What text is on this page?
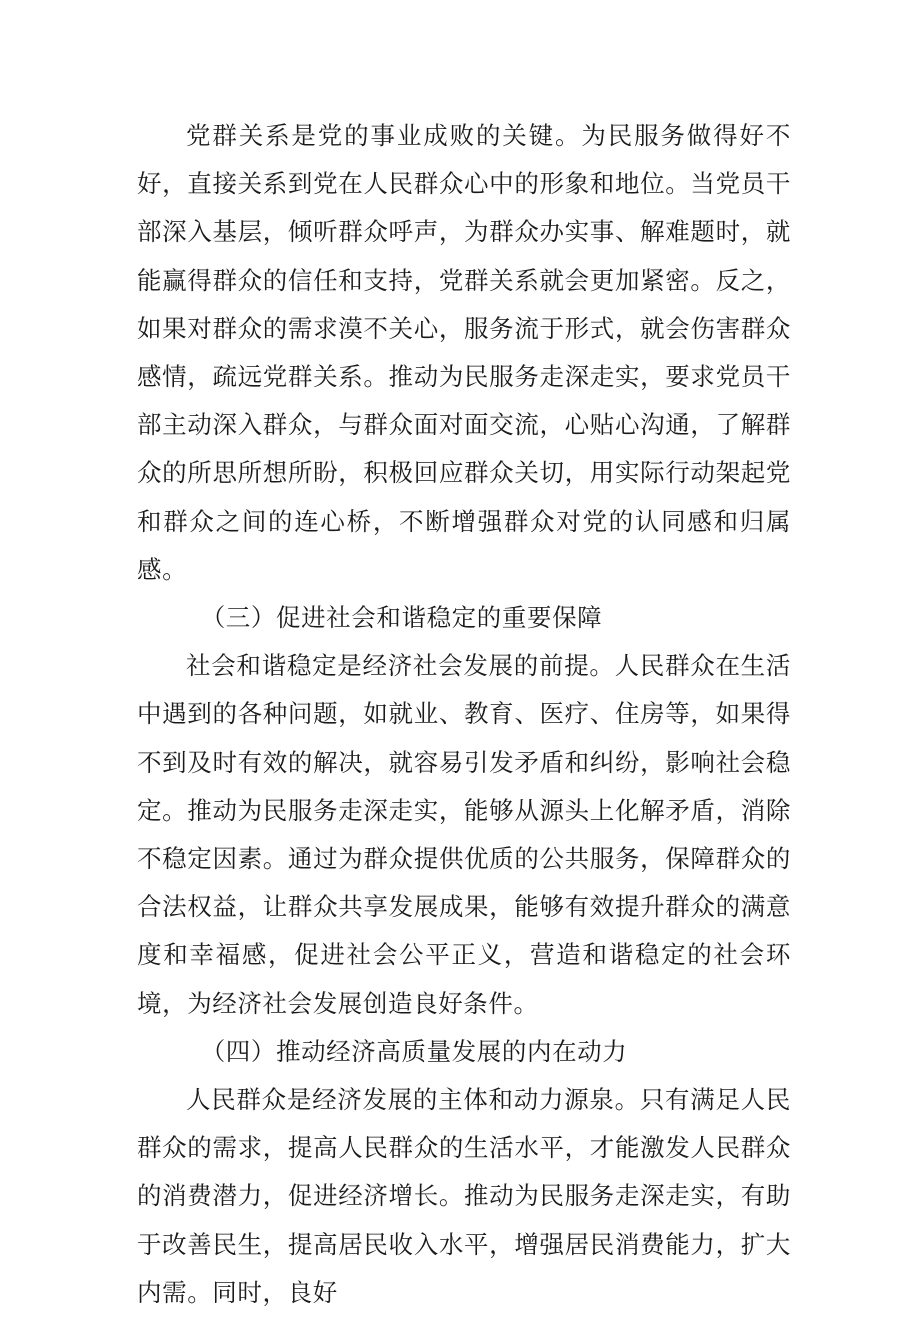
党群关系是党的事业成败的关键。为民服务做得好不好，直接关系到党在人民群众心中的形象和地位。当党员干部深入基层，倾听群众呼声，为群众办实事、解难题时，就能赢得群众的信任和支持，党群关系就会更加紧密。反之，如果对群众的需求漠不关心，服务流于形式，就会伤害群众感情，疏远党群关系。推动为民服务走深走实，要求党员干部主动深入群众，与群众面对面交流，心贴心沟通，了解群众的所思所想所盼，积极回应群众关切，用实际行动架起党和群众之间的连心桥，不断增强群众对党的认同感和归属感。

（三）促进社会和谐稳定的重要保障

社会和谐稳定是经济社会发展的前提。人民群众在生活中遇到的各种问题，如就业、教育、医疗、住房等，如果得不到及时有效的解决，就容易引发矛盾和纠纷，影响社会稳定。推动为民服务走深走实，能够从源头上化解矛盾，消除不稳定因素。通过为群众提供优质的公共服务，保障群众的合法权益，让群众共享发展成果，能够有效提升群众的满意度和幸福感，促进社会公平正义，营造和谐稳定的社会环境，为经济社会发展创造良好条件。

（四）推动经济高质量发展的内在动力

人民群众是经济发展的主体和动力源泉。只有满足人民群众的需求，提高人民群众的生活水平，才能激发人民群众的消费潜力，促进经济增长。推动为民服务走深走实，有助于改善民生，提高居民收入水平，增强居民消费能力，扩大内需。同时，良好
